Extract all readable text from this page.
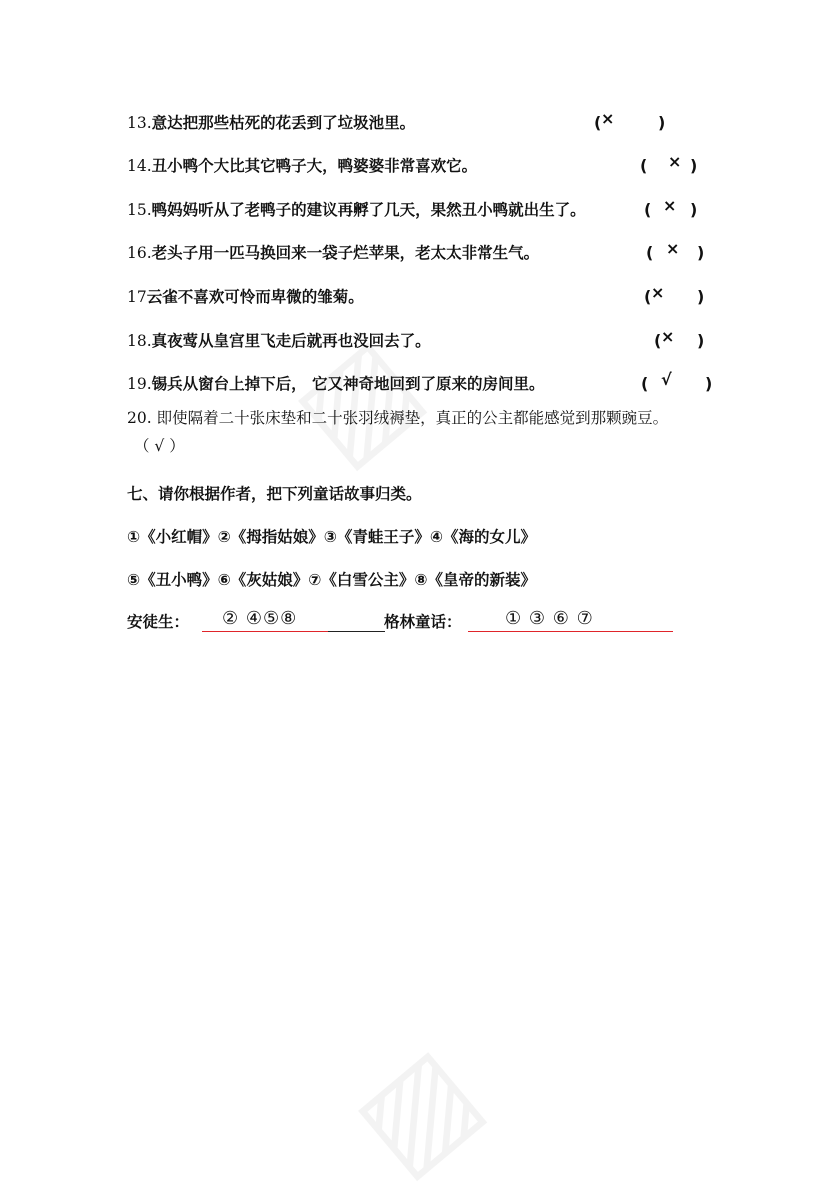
13.意达把那些枯死的花丢到了垃圾池里。	( ×	)
14.丑小鸭个大比其它鸭子大，鸭婆婆非常喜欢它。	( × )
15.鸭妈妈听从了老鸭子的建议再孵了几天，果然丑小鸭就出生了。	( × )
16.老头子用一匹马换回来一袋子烂苹果，老太太非常生气。	( × )
17云雀不喜欢可怜而卑微的雏菊。	( × )
18.真夜莺从皇宫里飞走后就再也没回去了。	( × )
19.锡兵从窗台上掉下后， 它又神奇地回到了原来的房间里。	( √ )
20. 即使隔着二十张床垫和二十张羽绒褥垫，真正的公主都能感觉到那颗豌豆。
（ √ ）
七、请你根据作者，把下列童话故事归类。
①《小红帽》②《拇指姑娘》③《青蛙王子》④《海的女儿》
⑤《丑小鸭》⑥《灰姑娘》⑦《白雪公主》⑧《皇帝的新装》
安徒生： ② ④⑤⑧	格林童话： ① ③ ⑥ ⑦
